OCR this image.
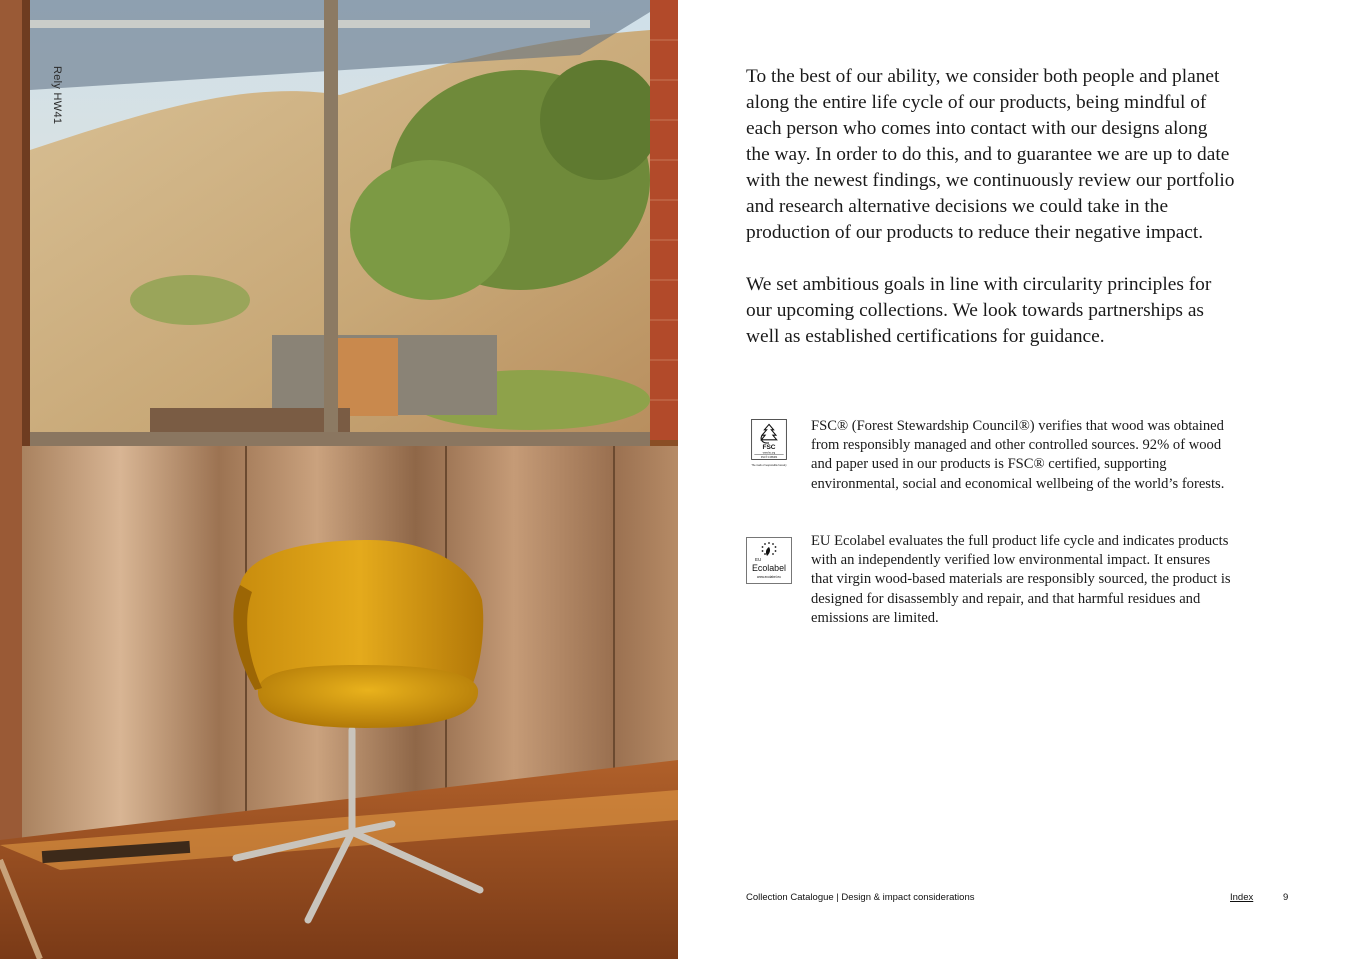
Rely HW41	To the best of our ability, we consider both people and planet along the entire life cycle of our products, being mindful of each person who comes into contact with our designs along the way. In order to do this, and to guarantee we are up to date with the newest findings, we continuously review our portfolio and research alternative decisions we could take in the production of our products to reduce their negative impact.

We set ambitious goals in line with circularity principles for our upcoming collections. We look towards partnerships as well as established certifications for guidance.

FSC
www.fsc.org
FSC® C156384
The mark of responsible forestry
FSC® (Forest Stewardship Council®) verifies that wood was obtained from responsibly managed and other controlled sources. 92% of wood and paper used in our products is FSC® certified, supporting environmental, social and economical wellbeing of the world’s forests.
EU
Ecolabel
www.ecolabel.eu
EU Ecolabel evaluates the full product life cycle and indicates products with an independently verified low environmental impact. It ensures that virgin wood-based materials are responsibly sourced, the product is designed for disassembly and repair, and that harmful residues and emissions are limited.
Collection Catalogue | Design & impact considerations	Index	9
